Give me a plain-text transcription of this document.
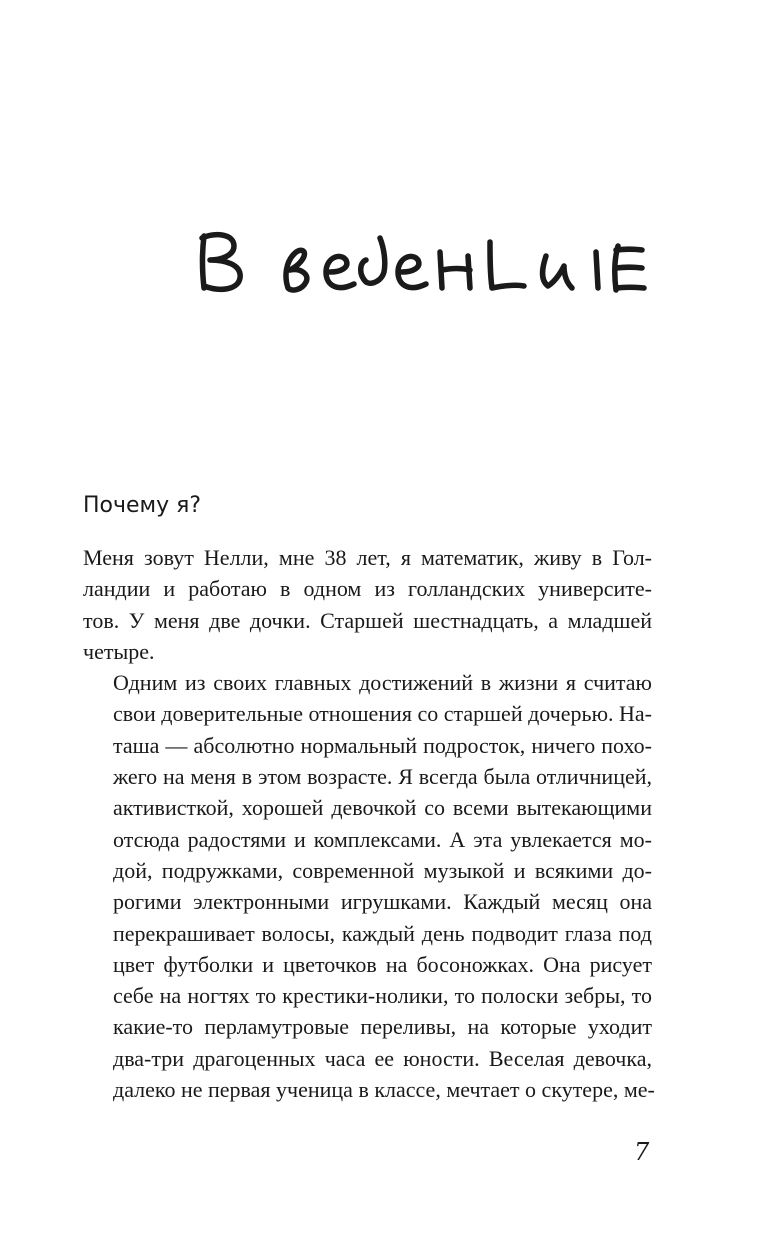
Почему я?

Меня зовут Нелли, мне 38 лет, я математик, живу в Гол-
ландии и работаю в одном из голландских университе-
тов. У меня две дочки. Старшей шестнадцать, а младшей
четыре.

Одним из своих главных достижений в жизни я считаю
свои доверительные отношения со старшей дочерью. На-
таша — абсолютно нормальный подросток, ничего похо-
жего на меня в этом возрасте. Я всегда была отличницей,
активисткой, хорошей девочкой со всеми вытекающими
отсюда радостями и комплексами. А эта увлекается мо-
дой, подружками, современной музыкой и всякими до-
рогими электронными игрушками. Каждый месяц она
перекрашивает волосы, каждый день подводит глаза под
цвет футболки и цветочков на босоножках. Она рисует
себе на ногтях то крестики-нолики, то полоски зебры, то
какие-то перламутровые переливы, на которые уходит
два-три драгоценных часа ее юности. Веселая девочка,
далеко не первая ученица в классе, мечтает о скутере, ме-

7
